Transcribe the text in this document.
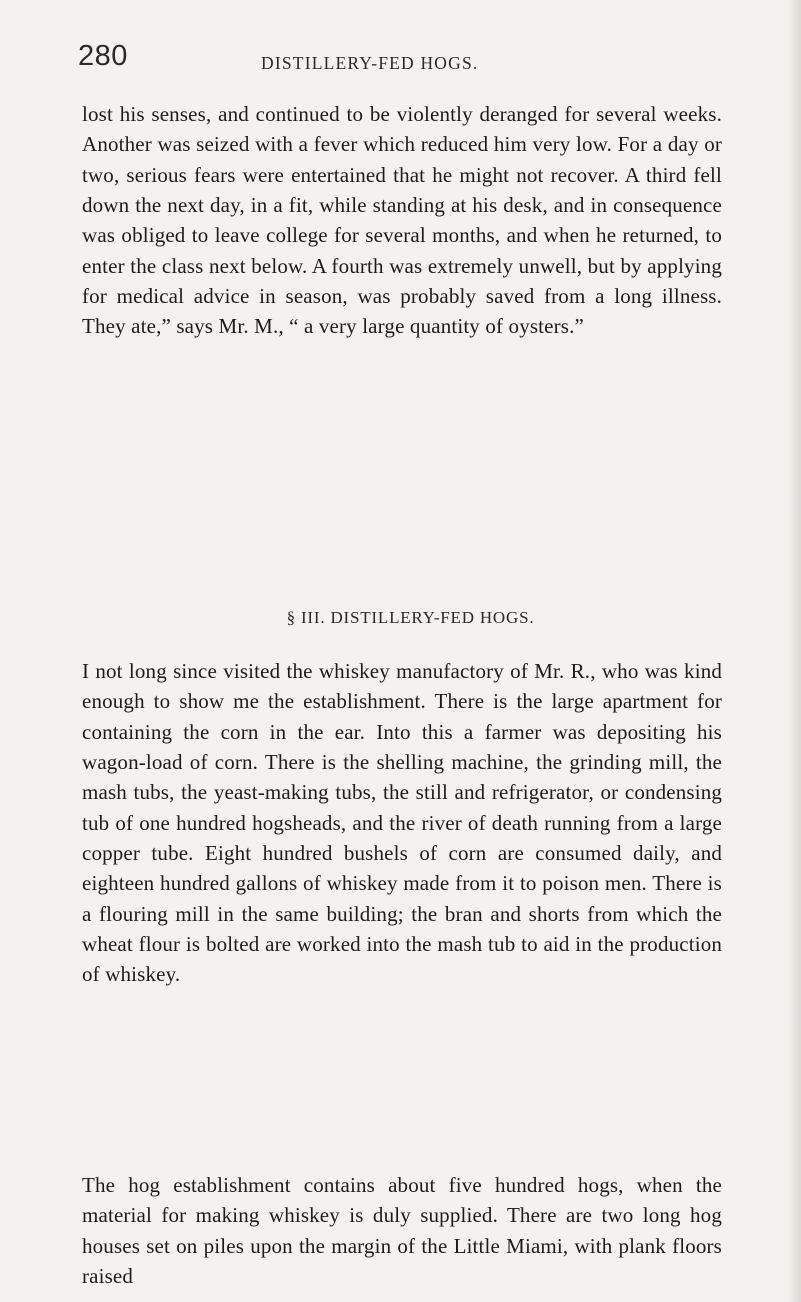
280	DISTILLERY-FED HOGS.

lost his senses, and continued to be violently deranged for several weeks. Another was seized with a fever which reduced him very low. For a day or two, serious fears were entertained that he might not recover. A third fell down the next day, in a fit, while standing at his desk, and in consequence was obliged to leave college for several months, and when he returned, to enter the class next below. A fourth was extremely unwell, but by applying for medical advice in season, was probably saved from a long illness. They ate,” says Mr. M., “ a very large quantity of oysters.”

§ III. DISTILLERY-FED HOGS.

I not long since visited the whiskey manufactory of Mr. R., who was kind enough to show me the establishment. There is the large apartment for containing the corn in the ear. Into this a farmer was depositing his wagon-load of corn. There is the shelling machine, the grinding mill, the mash tubs, the yeast-making tubs, the still and refrigerator, or condensing tub of one hundred hogsheads, and the river of death running from a large copper tube. Eight hundred bushels of corn are consumed daily, and eighteen hundred gallons of whiskey made from it to poison men. There is a flouring mill in the same building; the bran and shorts from which the wheat flour is bolted are worked into the mash tub to aid in the production of whiskey.

The hog establishment contains about five hundred hogs, when the material for making whiskey is duly supplied. There are two long hog houses set on piles upon the margin of the Little Miami, with plank floors raised
